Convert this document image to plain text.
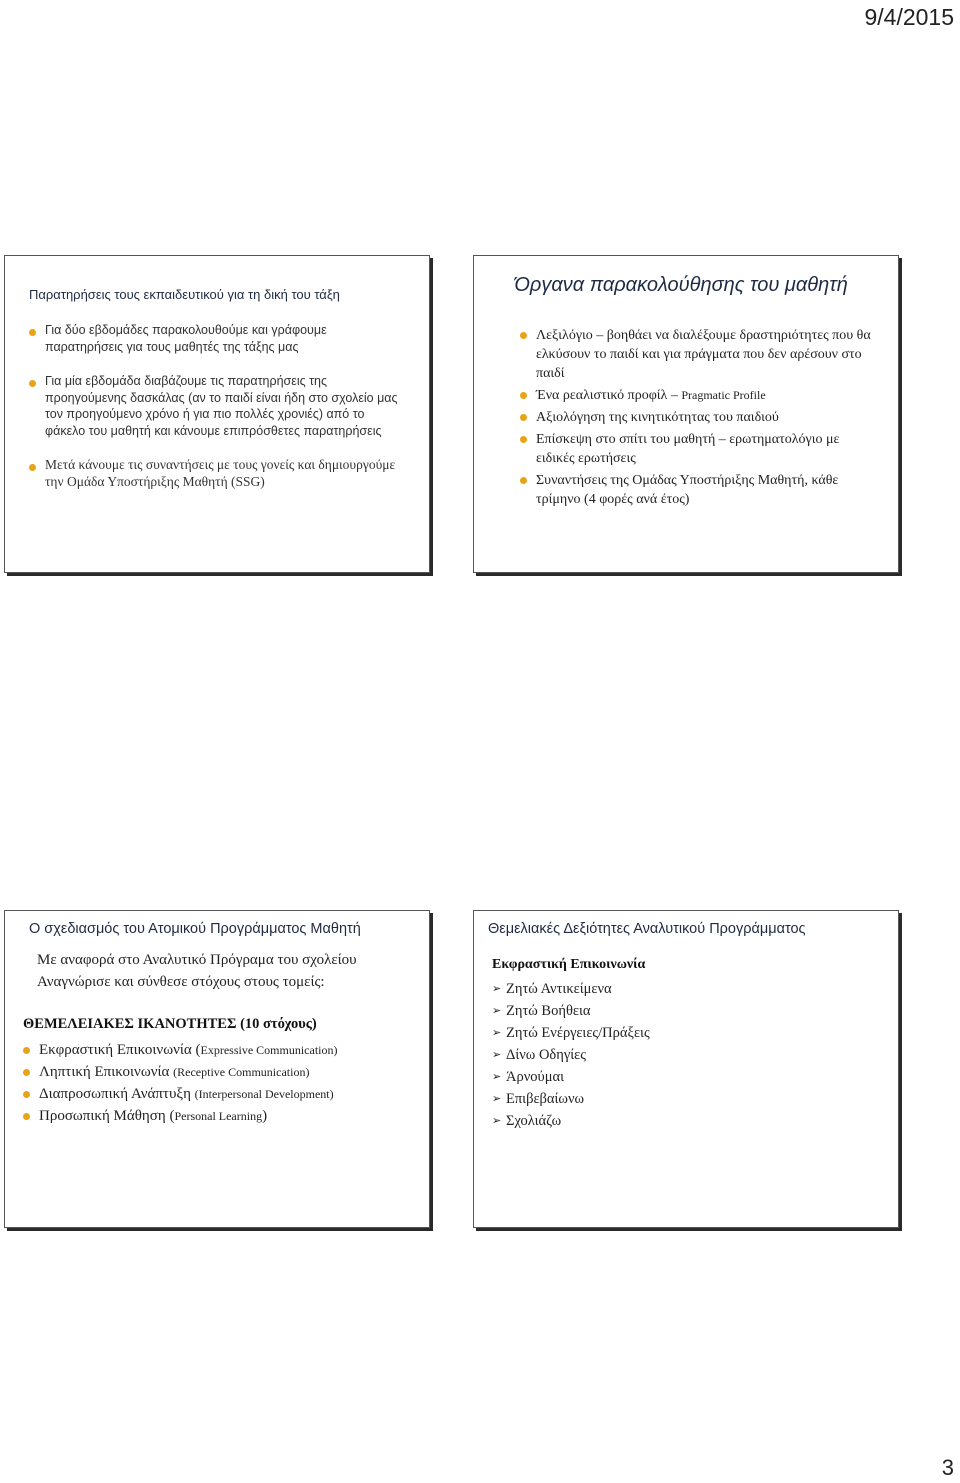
9/4/2015
Παρατηρήσεις τους εκπαιδευτικού για τη δική του τάξη
Για δύο εβδομάδες παρακολουθούμε και γράφουμε παρατηρήσεις για τους μαθητές της τάξης μας
Για μία εβδομάδα διαβάζουμε τις παρατηρήσεις της προηγούμενης δασκάλας (αν το παιδί είναι ήδη στο σχολείο μας τον προηγούμενο χρόνο ή για πιο πολλές χρονιές) από το φάκελο του μαθητή και κάνουμε επιπρόσθετες παρατηρήσεις
Μετά κάνουμε τις συναντήσεις με τους γονείς και δημιουργούμε την Ομάδα Υποστήριξης Μαθητή (SSG)
Όργανα παρακολούθησης του μαθητή
Λεξιλόγιο – βοηθάει να διαλέξουμε δραστηριότητες που θα ελκύσουν το παιδί και για πράγματα που δεν αρέσουν στο παιδί
Ένα ρεαλιστικό προφίλ – Pragmatic Profile
Αξιολόγηση της κινητικότητας του παιδιού
Επίσκεψη στο σπίτι του μαθητή – ερωτηματολόγιο με ειδικές ερωτήσεις
Συναντήσεις της Ομάδας Υποστήριξης Μαθητή, κάθε τρίμηνο (4 φορές ανά έτος)
Ο σχεδιασμός του Ατομικού Προγράμματος Μαθητή
Με αναφορά στο Αναλυτικό Πρόγραμα του σχολείου
Αναγνώρισε και σύνθεσε στόχους στους τομείς:
ΘΕΜΕΛΕΙΑΚΕΣ ΙΚΑΝΟΤΗΤΕΣ (10 στόχους)
Εκφραστική Επικοινωνία (Expressive Communication)
Ληπτική Επικοινωνία (Receptive Communication)
Διαπροσωπική Ανάπτυξη (Interpersonal Development)
Προσωπική Μάθηση (Personal Learning)
Θεμελιακές Δεξιότητες Αναλυτικού Προγράμματος
Εκφραστική Επικοινωνία
➢ Ζητώ Αντικείμενα
➢ Ζητώ Βοήθεια
➢ Ζητώ Ενέργειες/Πράξεις
➢ Δίνω Οδηγίες
➢ Άρνούμαι
➢ Επιβεβαίωνω
➢ Σχολιάζω
3
